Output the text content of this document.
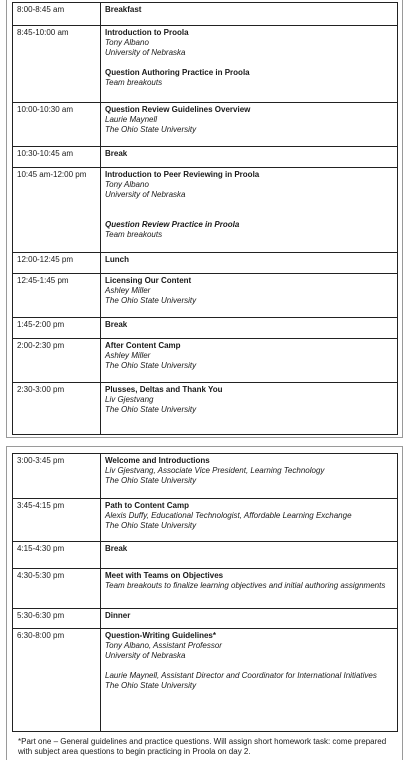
8:00-8:45 am	Breakfast

8:45-10:00 am	Introduction to Proola
Tony Albano
University of Nebraska
Question Authoring Practice in Proola
Team breakouts

10:00-10:30 am	Question Review Guidelines Overview
Laurie Maynell
The Ohio State University

10:30-10:45 am	Break

10:45 am-12:00 pm	Introduction to Peer Reviewing in Proola
Tony Albano
University of Nebraska
Question Review Practice in Proola
Team breakouts

12:00-12:45 pm	Lunch

12:45-1:45 pm	Licensing Our Content
Ashley Miller
The Ohio State University

1:45-2:00 pm	Break

2:00-2:30 pm	After Content Camp
Ashley Miller
The Ohio State University

2:30-3:00 pm	Plusses, Deltas and Thank You
Liv Gjestvang
The Ohio State University
3:00-3:45 pm	Welcome and Introductions
Liv Gjestvang, Associate Vice President, Learning Technology
The Ohio State University

3:45-4:15 pm	Path to Content Camp
Alexis Duffy, Educational Technologist, Affordable Learning Exchange
The Ohio State University

4:15-4:30 pm	Break

4:30-5:30 pm	Meet with Teams on Objectives
Team breakouts to finalize learning objectives and initial authoring assignments

5:30-6:30 pm	Dinner

6:30-8:00 pm	Question-Writing Guidelines*
Tony Albano, Assistant Professor
University of Nebraska
Laurie Maynell, Assistant Director and Coordinator for International Initiatives
The Ohio State University
*Part one – General guidelines and practice questions. Will assign short homework task: come prepared with subject area questions to begin practicing in Proola on day 2.
